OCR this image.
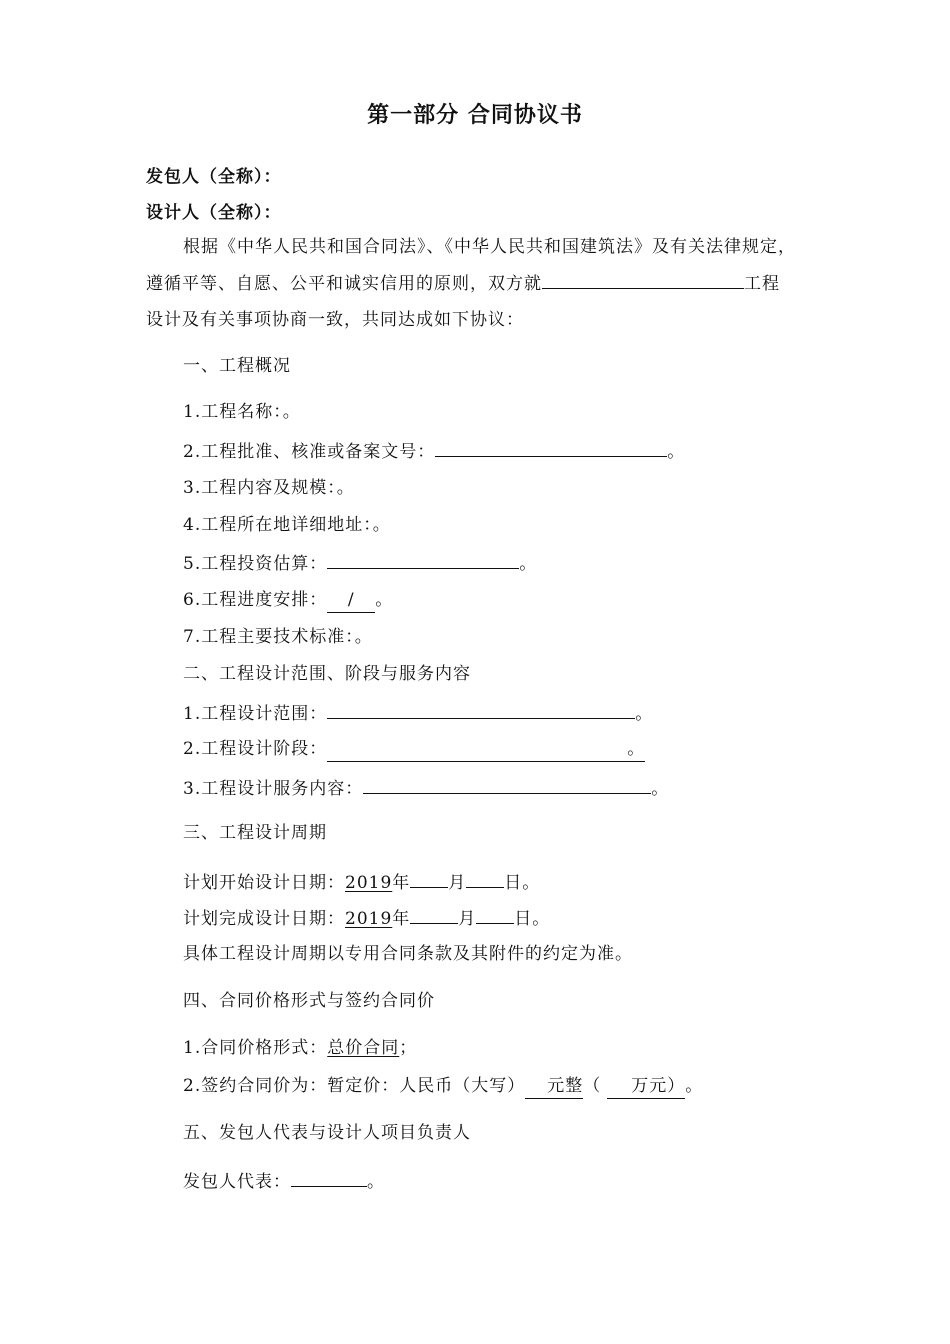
第一部分 合同协议书
发包人（全称）：
设计人（全称）：
根据《中华人民共和国合同法》、《中华人民共和国建筑法》及有关法律规定，
遵循平等、自愿、公平和诚实信用的原则，双方就	工程
设计及有关事项协商一致，共同达成如下协议：
一、工程概况
1.工程名称：。
2.工程批准、核准或备案文号：	。
3.工程内容及规模：。
4.工程所在地详细地址：。
5.工程投资估算：	。
6.工程进度安排： / 。
7.工程主要技术标准：。
二、工程设计范围、阶段与服务内容
1.工程设计范围：	。
2.工程设计阶段：	。
3.工程设计服务内容：	。
三、工程设计周期
计划开始设计日期：2019年 月 日。
计划完成设计日期：2019年	月 日。
具体工程设计周期以专用合同条款及其附件的约定为准。
四、合同价格形式与签约合同价
1.合同价格形式：总价合同；
2.签约合同价为：暂定价：人民币（大写） 元整（ 万元）。
五、发包人代表与设计人项目负责人
发包人代表：	。
